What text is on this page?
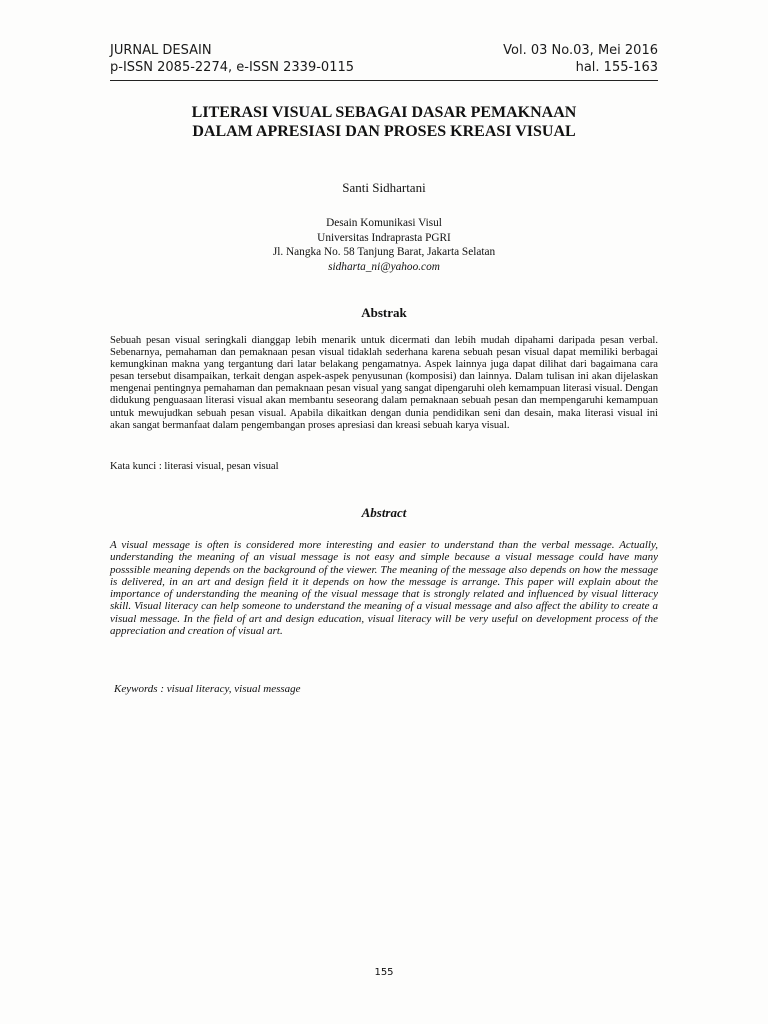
JURNAL DESAIN	Vol. 03 No.03, Mei 2016
p-ISSN 2085-2274, e-ISSN 2339-0115	hal. 155-163
LITERASI VISUAL SEBAGAI DASAR PEMAKNAAN
DALAM APRESIASI DAN PROSES KREASI VISUAL
Santi Sidhartani
Desain Komunikasi Visul
Universitas Indraprasta PGRI
Jl. Nangka No. 58 Tanjung Barat, Jakarta Selatan
sidharta_ni@yahoo.com
Abstrak
Sebuah pesan visual seringkali dianggap lebih menarik untuk dicermati dan lebih mudah dipahami daripada pesan verbal. Sebenarnya, pemahaman dan pemaknaan pesan visual tidaklah sederhana karena sebuah pesan visual dapat memiliki berbagai kemungkinan makna yang tergantung dari latar belakang pengamatnya. Aspek lainnya juga dapat dilihat dari bagaimana cara pesan tersebut disampaikan, terkait dengan aspek-aspek penyusunan (komposisi) dan lainnya. Dalam tulisan ini akan dijelaskan mengenai pentingnya pemahaman dan pemaknaan pesan visual yang sangat dipengaruhi oleh kemampuan literasi visual. Dengan didukung penguasaan literasi visual akan membantu seseorang dalam pemaknaan sebuah pesan dan mempengaruhi kemampuan untuk mewujudkan sebuah pesan visual. Apabila dikaitkan dengan dunia pendidikan seni dan desain, maka literasi visual ini akan sangat bermanfaat dalam pengembangan proses apresiasi dan kreasi sebuah karya visual.
Kata kunci : literasi visual, pesan visual
Abstract
A visual message is often is considered more interesting and easier to understand than the verbal message. Actually, understanding the meaning of an visual message is not easy and simple because a visual message could have many posssible meaning depends on the background of the viewer. The meaning of the message also depends on how the message is delivered, in an art and design field it it depends on how the message is arrange. This paper will explain about the importance of understanding the meaning of the visual message that is strongly related and influenced by visual litteracy skill. Visual literacy can help someone to understand the meaning of a visual message and also affect the ability to create a visual message. In the field of art and design education, visual literacy will be very useful on development process of the appreciation and creation of visual art.
Keywords : visual literacy, visual message
155
